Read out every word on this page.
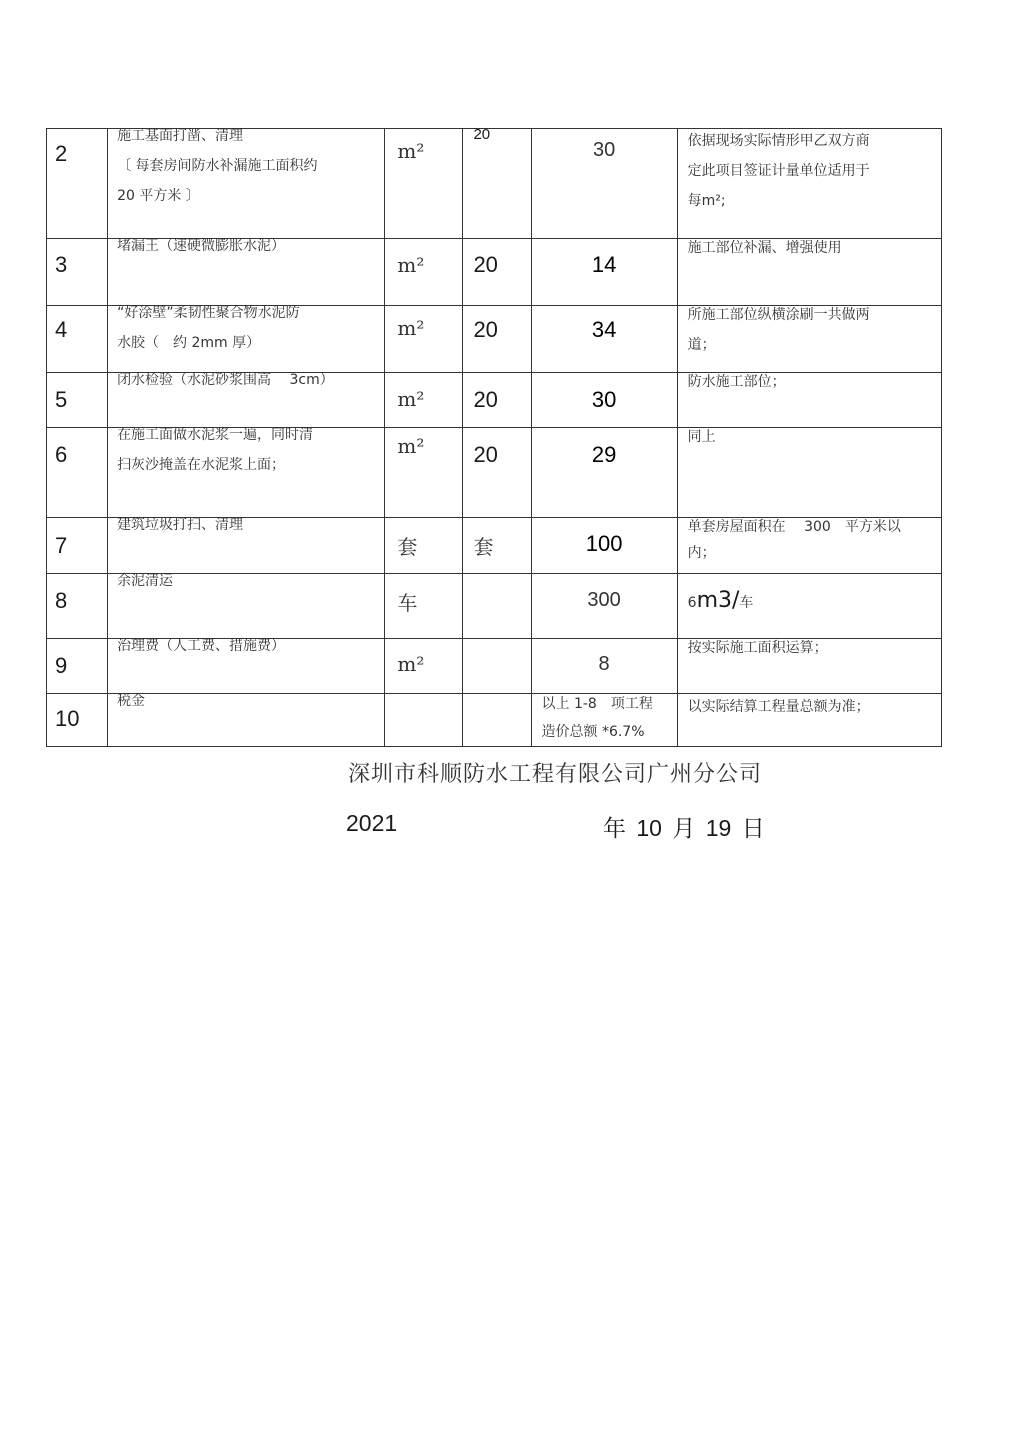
2	施工基面打凿、清理
〔 每套房间防水补漏施工面积约
20 平方米 〕	m²	20	30	依据现场实际情形甲乙双方商
定此项目签证计量单位适用于
每m²;

3	堵漏王（速硬微膨胀水泥）	m²	20	14	施工部位补漏、增强使用

4	“好涂壁”柔韧性聚合物水泥防
水胶（　约 2mm 厚）	m²	20	34	所施工部位纵横涂刷一共做两
道；

5	闭水检验（水泥砂浆围高　 3cm）	m²	20	30	防水施工部位；

6	在施工面做水泥浆一遍，同时清
扫灰沙掩盖在水泥浆上面；	m²	20	29	同上

7	建筑垃圾打扫、清理	套	套	100	单套房屋面积在　 300　平方米以
内；

8	余泥清运	车		300	6m3/车

9	治理费（人工费、措施费）	m²		8	按实际施工面积运算；

10	税金			以上 1-8　项工程
造价总额 *6.7%	以实际结算工程量总额为准；
深圳市科顺防水工程有限公司广州分公司
2021	年 10 月 19 日
